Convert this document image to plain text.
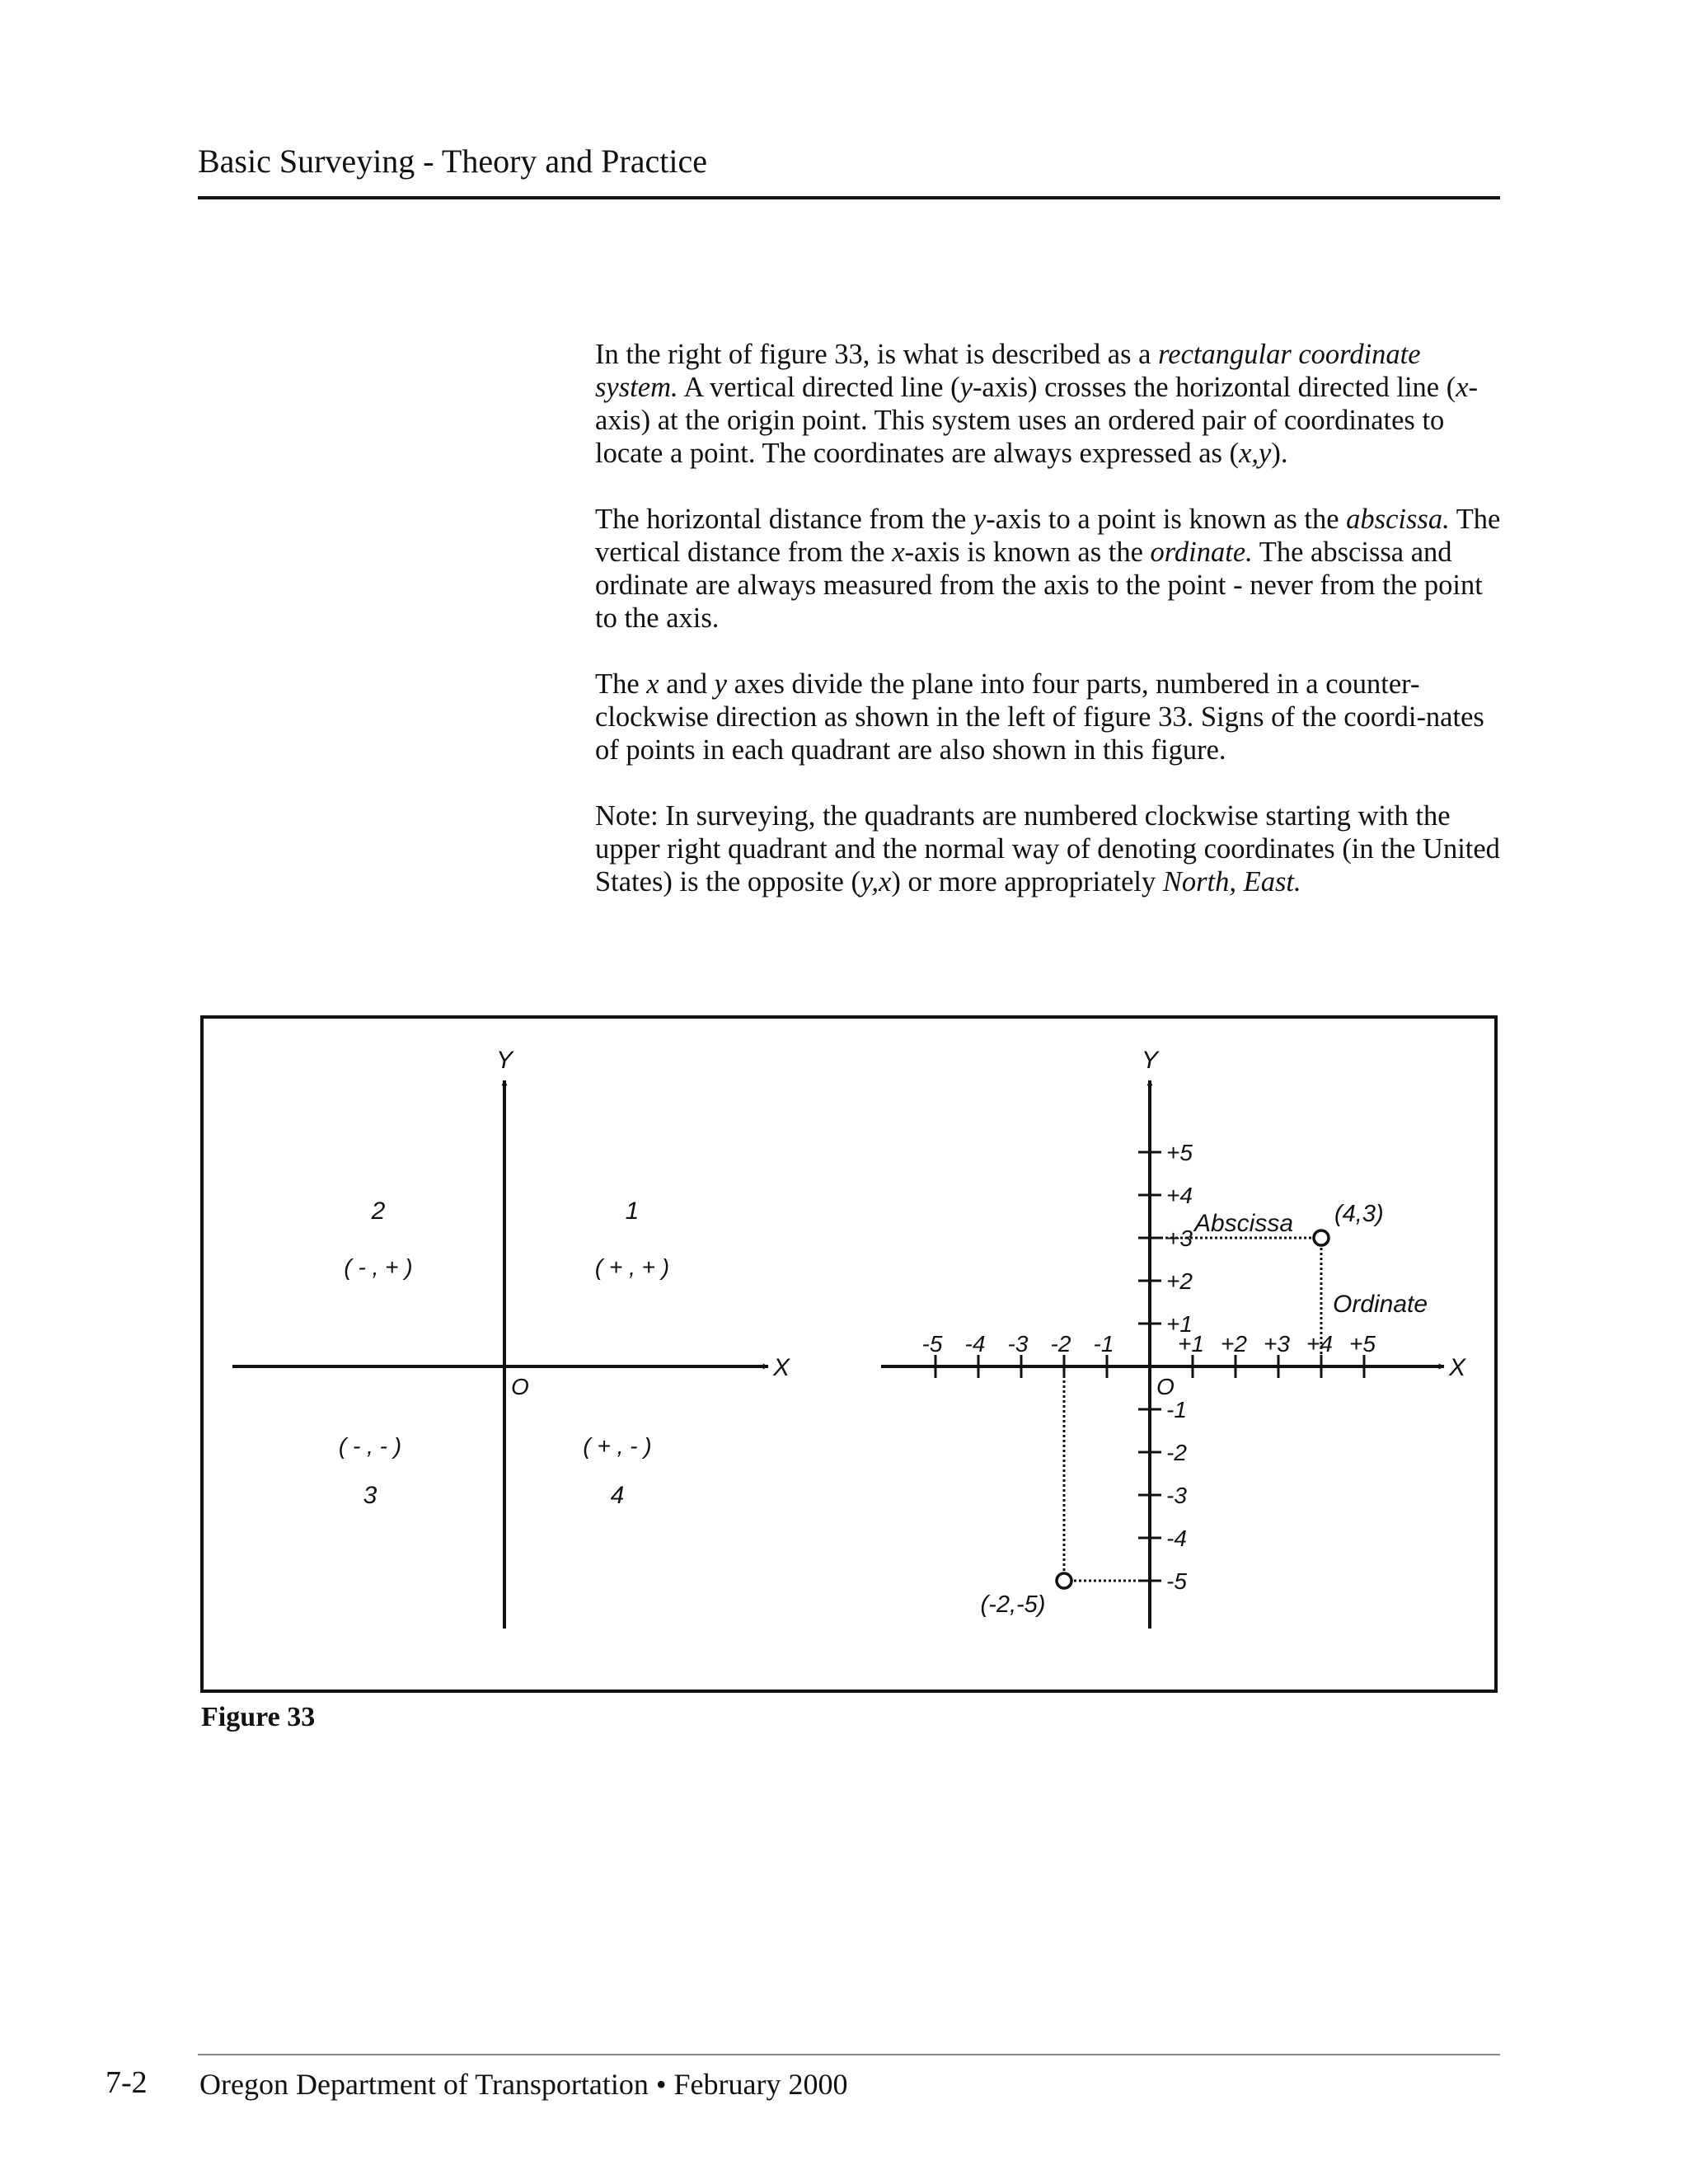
Basic Surveying - Theory and Practice

In the right of figure 33, is what is described as a rectangular coordinate system. A vertical directed line (y-axis) crosses the horizontal directed line (x-axis) at the origin point. This system uses an ordered pair of coordinates to locate a point. The coordinates are always expressed as (x,y).

The horizontal distance from the y-axis to a point is known as the abscissa. The vertical distance from the x-axis is known as the ordinate. The abscissa and ordinate are always measured from the axis to the point - never from the point to the axis.

The x and y axes divide the plane into four parts, numbered in a counter-clockwise direction as shown in the left of figure 33. Signs of the coordi-nates of points in each quadrant are also shown in this figure.

Note: In surveying, the quadrants are numbered clockwise starting with the upper right quadrant and the normal way of denoting coordinates (in the United States) is the opposite (y,x) or more appropriately North, East.

Y
X
O
1
( + , + )
2
( - , + )
3
( - , - )
4
( + , - )
Y
X
O
-5 -4 -3 -2 -1	+1 +2 +3 +4 +5
+5
+4
+3
+2
+1
-1
-2
-3
-4
-5
(4,3)
(-2,-5)
Abscissa
Ordinate
Figure 33
7-2 Oregon Department of Transportation • February 2000
